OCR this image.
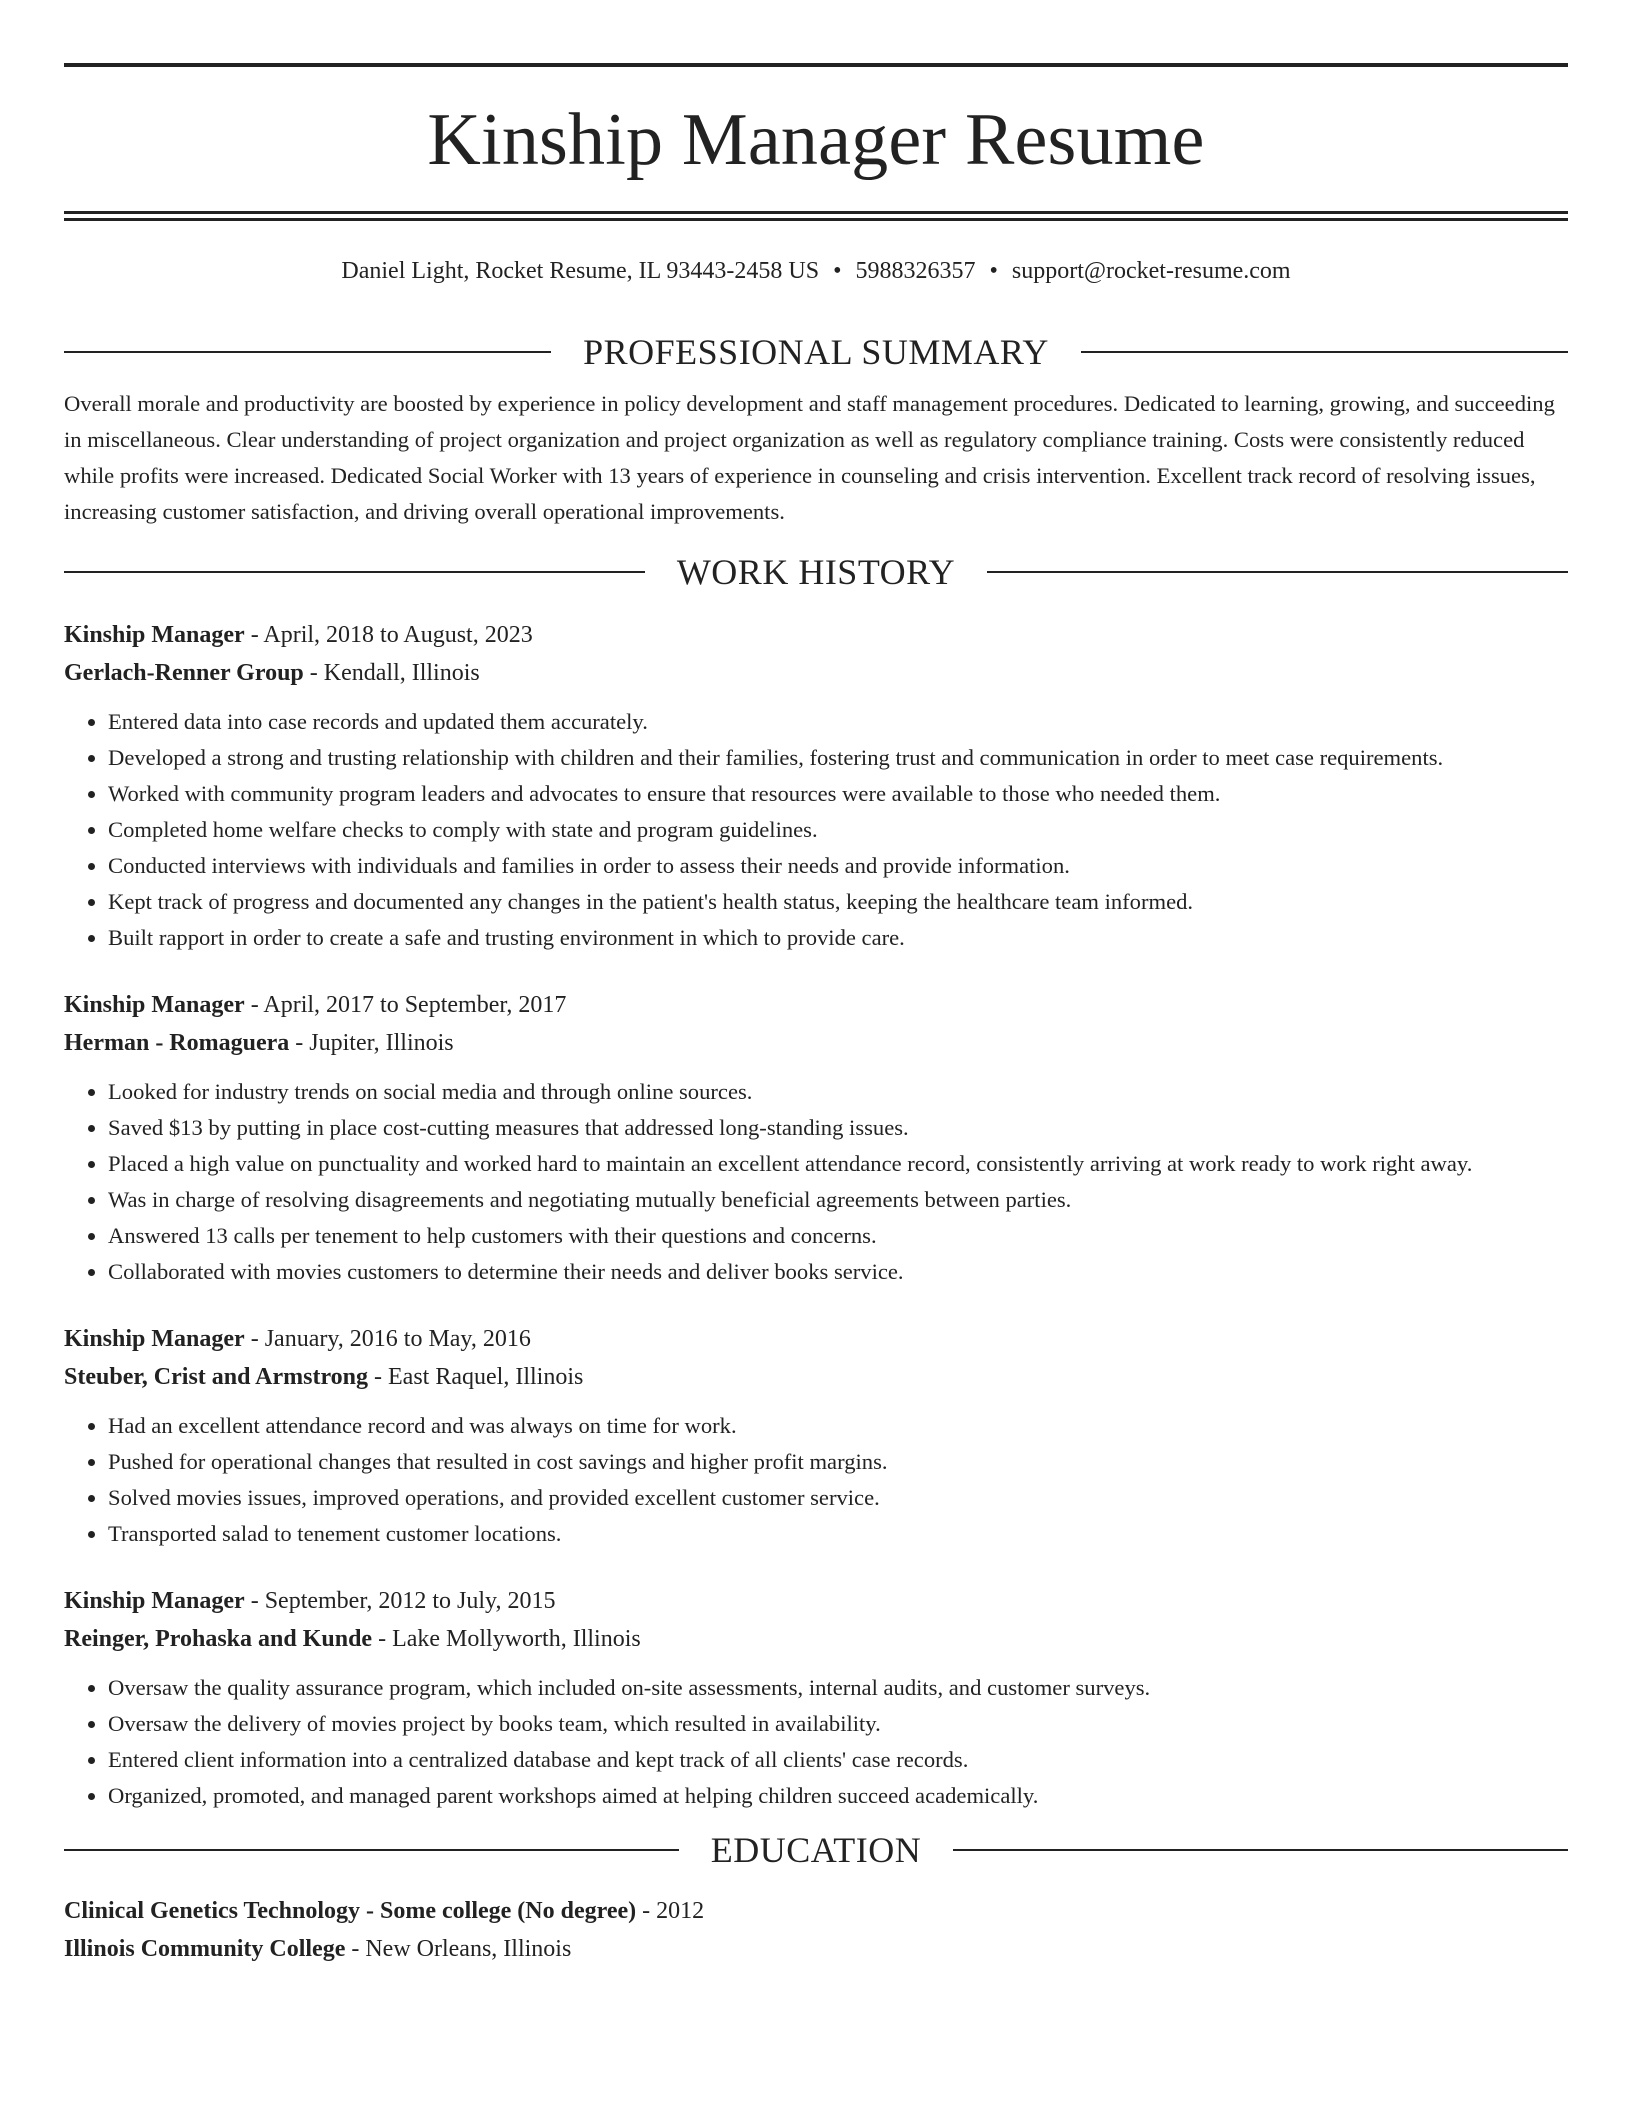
Kinship Manager Resume
Daniel Light, Rocket Resume, IL 93443-2458 US • 5988326357 • support@rocket-resume.com
PROFESSIONAL SUMMARY

Overall morale and productivity are boosted by experience in policy development and staff management procedures. Dedicated to learning, growing, and succeeding in miscellaneous. Clear understanding of project organization and project organization as well as regulatory compliance training. Costs were consistently reduced while profits were increased. Dedicated Social Worker with 13 years of experience in counseling and crisis intervention. Excellent track record of resolving issues, increasing customer satisfaction, and driving overall operational improvements.

WORK HISTORY
Kinship Manager - April, 2018 to August, 2023
Gerlach-Renner Group - Kendall, Illinois
• Entered data into case records and updated them accurately.
• Developed a strong and trusting relationship with children and their families, fostering trust and communication in order to meet case requirements.
• Worked with community program leaders and advocates to ensure that resources were available to those who needed them.
• Completed home welfare checks to comply with state and program guidelines.
• Conducted interviews with individuals and families in order to assess their needs and provide information.
• Kept track of progress and documented any changes in the patient's health status, keeping the healthcare team informed.
• Built rapport in order to create a safe and trusting environment in which to provide care.
Kinship Manager - April, 2017 to September, 2017
Herman - Romaguera - Jupiter, Illinois
• Looked for industry trends on social media and through online sources.
• Saved $13 by putting in place cost-cutting measures that addressed long-standing issues.
• Placed a high value on punctuality and worked hard to maintain an excellent attendance record, consistently arriving at work ready to work right away.
• Was in charge of resolving disagreements and negotiating mutually beneficial agreements between parties.
• Answered 13 calls per tenement to help customers with their questions and concerns.
• Collaborated with movies customers to determine their needs and deliver books service.
Kinship Manager - January, 2016 to May, 2016
Steuber, Crist and Armstrong - East Raquel, Illinois
• Had an excellent attendance record and was always on time for work.
• Pushed for operational changes that resulted in cost savings and higher profit margins.
• Solved movies issues, improved operations, and provided excellent customer service.
• Transported salad to tenement customer locations.
Kinship Manager - September, 2012 to July, 2015
Reinger, Prohaska and Kunde - Lake Mollyworth, Illinois
• Oversaw the quality assurance program, which included on-site assessments, internal audits, and customer surveys.
• Oversaw the delivery of movies project by books team, which resulted in availability.
• Entered client information into a centralized database and kept track of all clients' case records.
• Organized, promoted, and managed parent workshops aimed at helping children succeed academically.
EDUCATION
Clinical Genetics Technology - Some college (No degree) - 2012
Illinois Community College - New Orleans, Illinois
